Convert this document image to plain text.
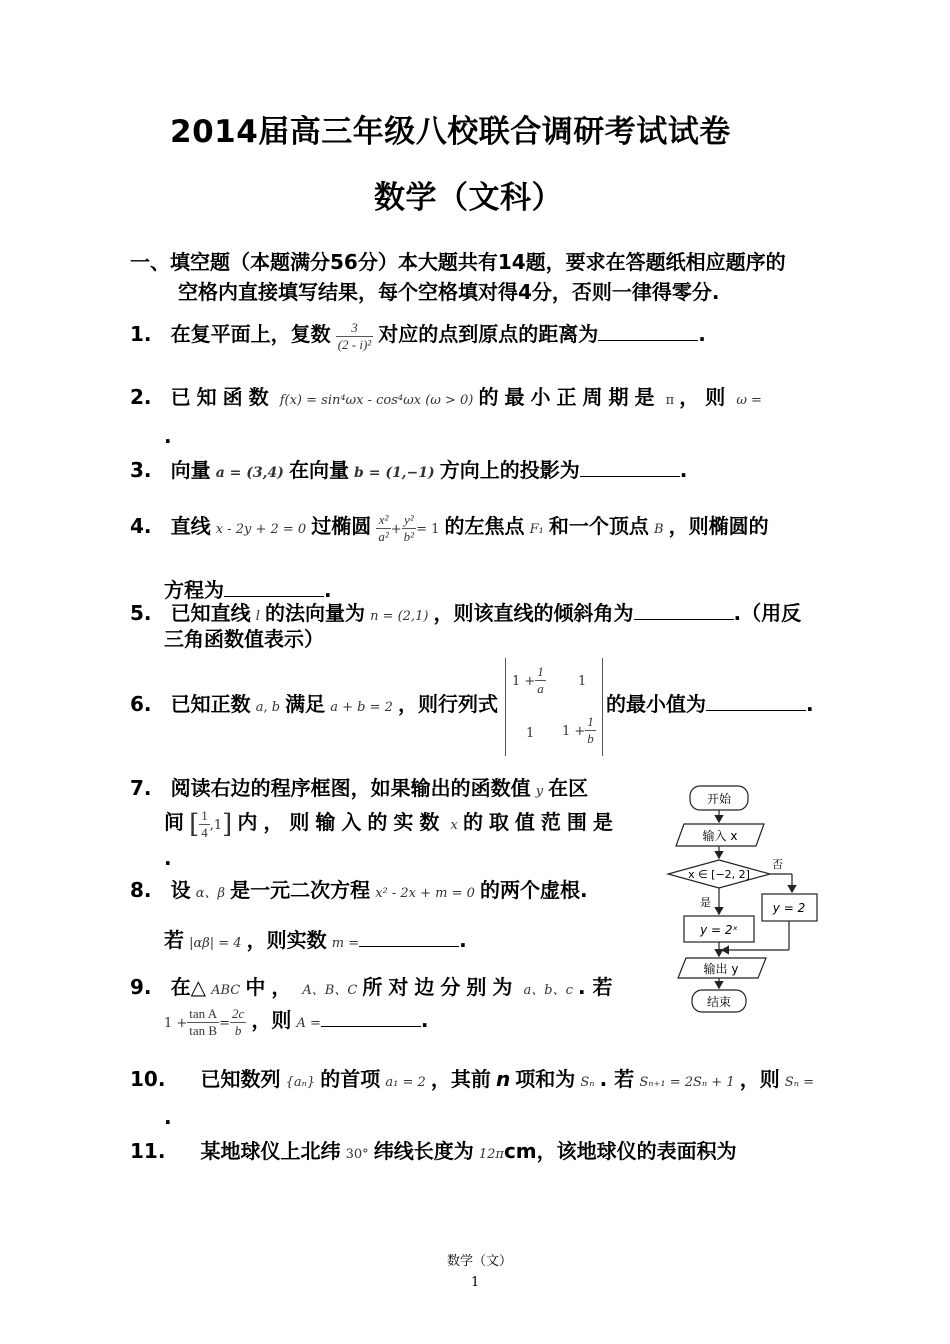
2014届高三年级八校联合调研考试试卷
数学（文科）
一、填空题（本题满分56分）本大题共有14题，要求在答题纸相应题序的
空格内直接填写结果，每个空格填对得4分，否则一律得零分.
1. 在复平面上，复数 $\frac{3}{\text{(2 - i)²}}$ 对应的点到原点的距离为	.
2. 已知函数 f(x) = sin⁴ωx - cos⁴ωx (ω > 0) 的最小正周期是 π ，则 ω =
.
3. 向量 a = (3,4) 在向量 b = (1,−1) 方向上的投影为	.
4. 直线 x - 2y + 2 = 0 过椭圆 $\frac{\text{x²}}{\text{a²}} + \frac{\text{y²}}{\text{b²}} = 1$ 的左焦点 F₁ 和一个顶点 B ，则椭圆的
方程为	.
5. 已知直线 l 的法向量为 n = (2,1) ，则该直线的倾斜角为	.（用反
三角函数值表示）
6. 已知正数 a, b 满足 a + b = 2 ，则行列式
$1 + \frac{1}{a} 1$
1 $1 + \frac{1}{b}$
的最小值为	.
7. 阅读右边的程序框图，如果输出的函数值 y 在区
间 [ $\frac{1}{4} ,1$] 内，则输入的实数 x 的取值范围是
.
8. 设 α、β 是一元二次方程 x² - 2x + m = 0 的两个虚根.
若 |αβ| = 4 ，则实数 m =	.
9. 在△ ABC 中， A、B、C 所对边分别为 a、b、c . 若
$1 + \frac{\text{tan A}}{\text{tan B}} = \frac{2c}{b}$ ，则 A =	.
10. 已知数列 {aₙ} 的首项 a₁ = 2 ，其前 n 项和为 Sₙ . 若 Sₙ₊₁ = 2Sₙ + 1 ，则 Sₙ =
.
11. 某地球仪上北纬 30° 纬线长度为 12πcm，该地球仪的表面积为
开始
输入 x
x ∈ [−2, 2]
否
y = 2
是
y = 2ˣ
输出 y
结束
数学（文）
1
